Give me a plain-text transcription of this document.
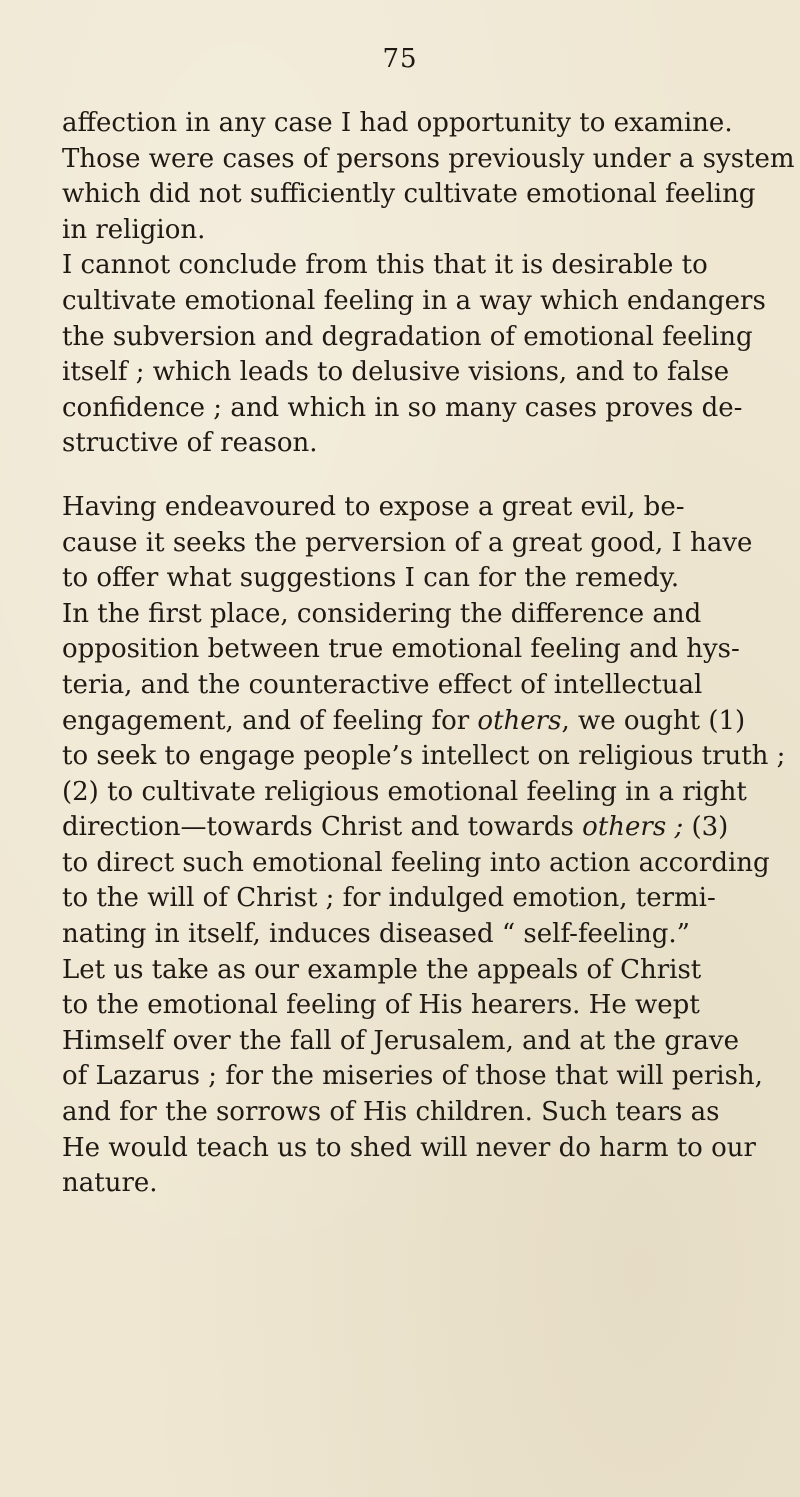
75

affection in any case I had opportunity to examine.
Those were cases of persons previously under a system
which did not sufficiently cultivate emotional feeling
in religion.

I cannot conclude from this that it is desirable to
cultivate emotional feeling in a way which endangers
the subversion and degradation of emotional feeling
itself ; which leads to delusive visions, and to false
confidence ; and which in so many cases proves de-
structive of reason.

Having endeavoured to expose a great evil, be-
cause it seeks the perversion of a great good, I have
to offer what suggestions I can for the remedy.

In the first place, considering the difference and
opposition between true emotional feeling and hys-
teria, and the counteractive effect of intellectual
engagement, and of feeling for others, we ought (1)
to seek to engage people’s intellect on religious truth ;
(2) to cultivate religious emotional feeling in a right
direction—towards Christ and towards others ; (3)
to direct such emotional feeling into action according
to the will of Christ ; for indulged emotion, termi-
nating in itself, induces diseased “ self-feeling.”

Let us take as our example the appeals of Christ
to the emotional feeling of His hearers. He wept
Himself over the fall of Jerusalem, and at the grave
of Lazarus ; for the miseries of those that will perish,
and for the sorrows of His children. Such tears as
He would teach us to shed will never do harm to our
nature.
